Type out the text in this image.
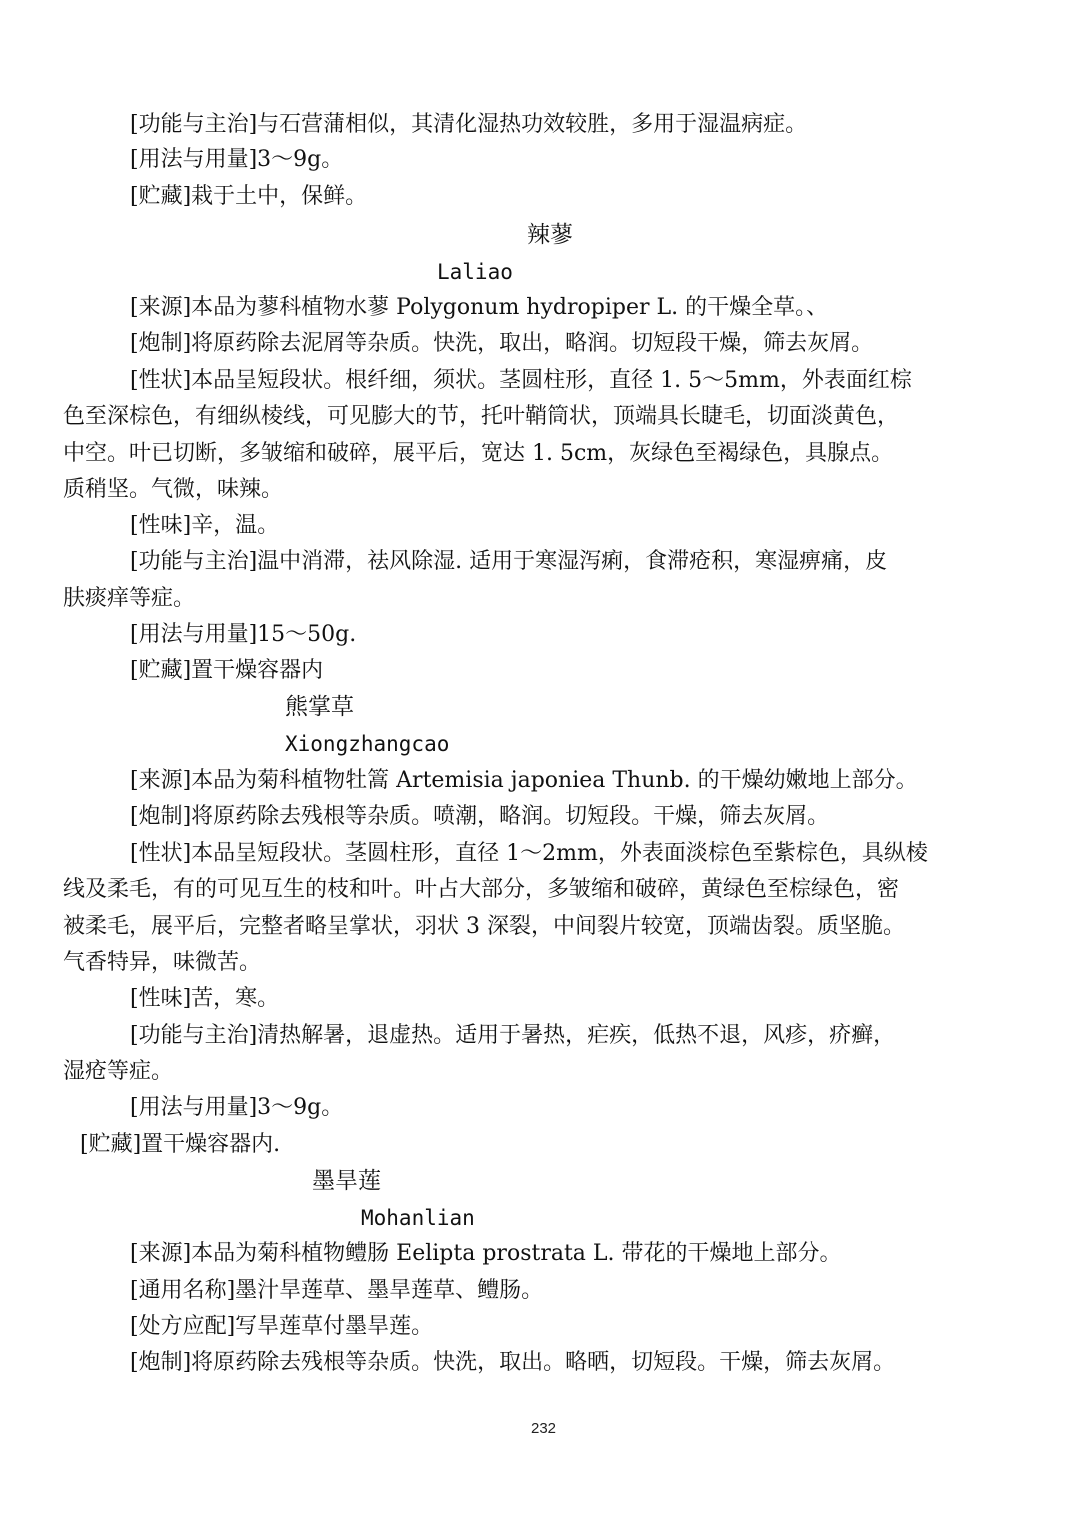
[功能与主治]与石营蒲相似，其清化湿热功效较胜，多用于湿温病症。
[用法与用量]3～9g。
[贮藏]栽于土中，保鲜。
辣蓼
Laliao
[来源]本品为蓼科植物水蓼 Polygonum hydropiper L. 的干燥全草。、
[炮制]将原药除去泥屑等杂质。快洗，取出，略润。切短段干燥，筛去灰屑。
[性状]本品呈短段状。根纤细，须状。茎圆柱形，直径 1. 5～5mm，外表面红棕
色至深棕色，有细纵棱线，可见膨大的节，托叶鞘筒状，顶端具长睫毛，切面淡黄色，
中空。叶已切断，多皱缩和破碎，展平后，宽达 1. 5cm，灰绿色至褐绿色，具腺点。
质稍坚。气微，味辣。
[性味]辛，温。
[功能与主治]温中消滞，祛风除湿. 适用于寒湿泻痢，食滞疮积，寒湿痹痛，皮
肤痰痒等症。
[用法与用量]15～50g.
[贮藏]置干燥容器内
熊掌草
Xiongzhangcao
[来源]本品为菊科植物牡篙 Artemisia japoniea Thunb. 的干燥幼嫩地上部分。
[炮制]将原药除去残根等杂质。喷潮，略润。切短段。干燥，筛去灰屑。
[性状]本品呈短段状。茎圆柱形，直径 1～2mm，外表面淡棕色至紫棕色，具纵棱
线及柔毛，有的可见互生的枝和叶。叶占大部分，多皱缩和破碎，黄绿色至棕绿色，密
被柔毛，展平后，完整者略呈掌状，羽状 3 深裂，中间裂片较宽，顶端齿裂。质坚脆。
气香特异，味微苦。
[性味]苦，寒。
[功能与主治]清热解暑，退虚热。适用于暑热，疟疾，低热不退，风疹，疥癣，
湿疮等症。
[用法与用量]3～9g。
[贮藏]置干燥容器内.
墨旱莲
Mohanlian
[来源]本品为菊科植物鳢肠 Eelipta prostrata L. 带花的干燥地上部分。
[通用名称]墨汁旱莲草、墨旱莲草、鳢肠。
[处方应配]写旱莲草付墨旱莲。
[炮制]将原药除去残根等杂质。快洗，取出。略晒，切短段。干燥，筛去灰屑。
232
